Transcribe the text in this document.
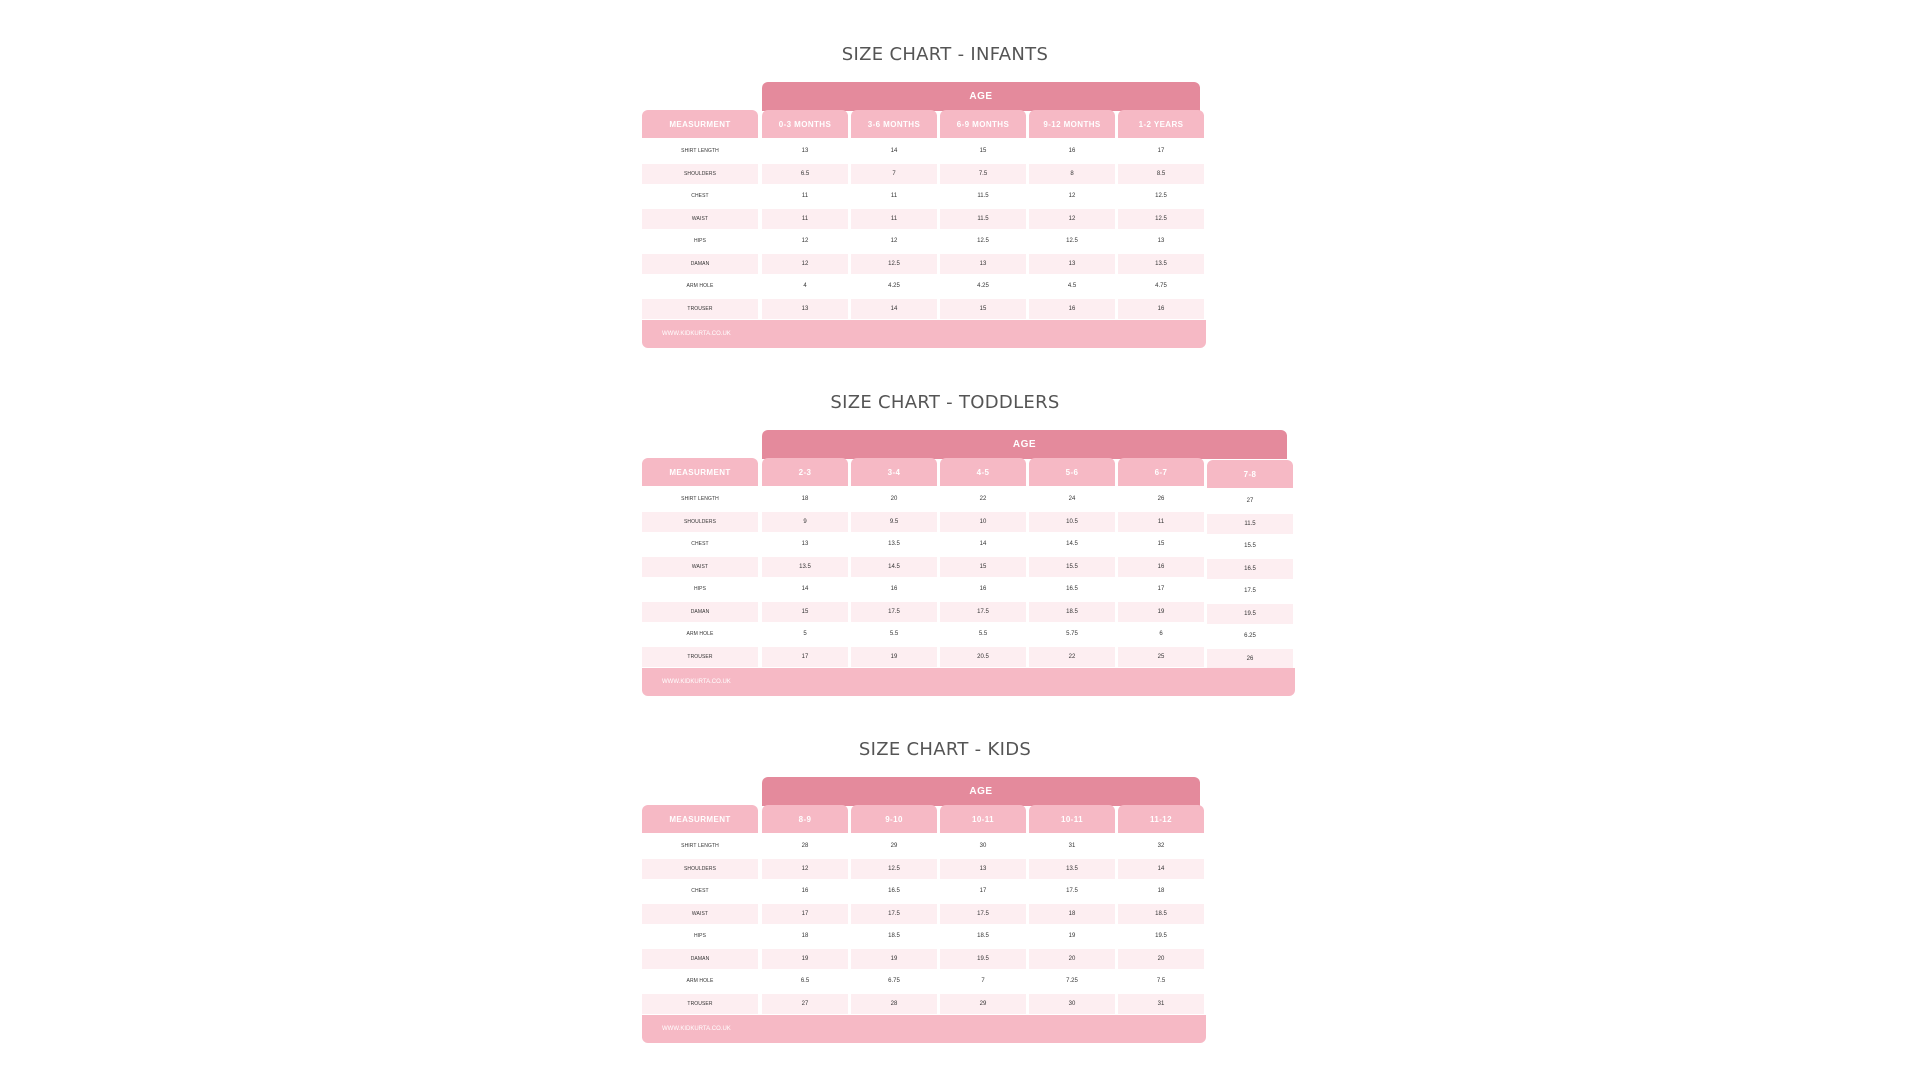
SIZE CHART - INFANTS
AGE
MEASURMENT	0-3 MONTHS	3-6 MONTHS	6-9 MONTHS	9-12 MONTHS	1-2 YEARS
SHIRT LENGTH	13	14	15	16	17
SHOULDERS	6.5	7	7.5	8	8.5
CHEST	11	11	11.5	12	12.5
WAIST	11	11	11.5	12	12.5
HIPS	12	12	12.5	12.5	13
DAMAN	12	12.5	13	13	13.5
ARM HOLE	4	4.25	4.25	4.5	4.75
TROUSER	13	14	15	16	16
WWW.KIDKURTA.CO.UK
SIZE CHART - TODDLERS
AGE
MEASURMENT	2-3	3-4	4-5	5-6	6-7	7-8
SHIRT LENGTH	18	20	22	24	26	27
SHOULDERS	9	9.5	10	10.5	11	11.5
CHEST	13	13.5	14	14.5	15	15.5
WAIST	13.5	14.5	15	15.5	16	16.5
HIPS	14	16	16	16.5	17	17.5
DAMAN	15	17.5	17.5	18.5	19	19.5
ARM HOLE	5	5.5	5.5	5.75	6	6.25
TROUSER	17	19	20.5	22	25	26
WWW.KIDKURTA.CO.UK
SIZE CHART - KIDS
AGE
MEASURMENT	8-9	9-10	10-11	10-11	11-12
SHIRT LENGTH	28	29	30	31	32
SHOULDERS	12	12.5	13	13.5	14
CHEST	16	16.5	17	17.5	18
WAIST	17	17.5	17.5	18	18.5
HIPS	18	18.5	18.5	19	19.5
DAMAN	19	19	19.5	20	20
ARM HOLE	6.5	6.75	7	7.25	7.5
TROUSER	27	28	29	30	31
WWW.KIDKURTA.CO.UK
